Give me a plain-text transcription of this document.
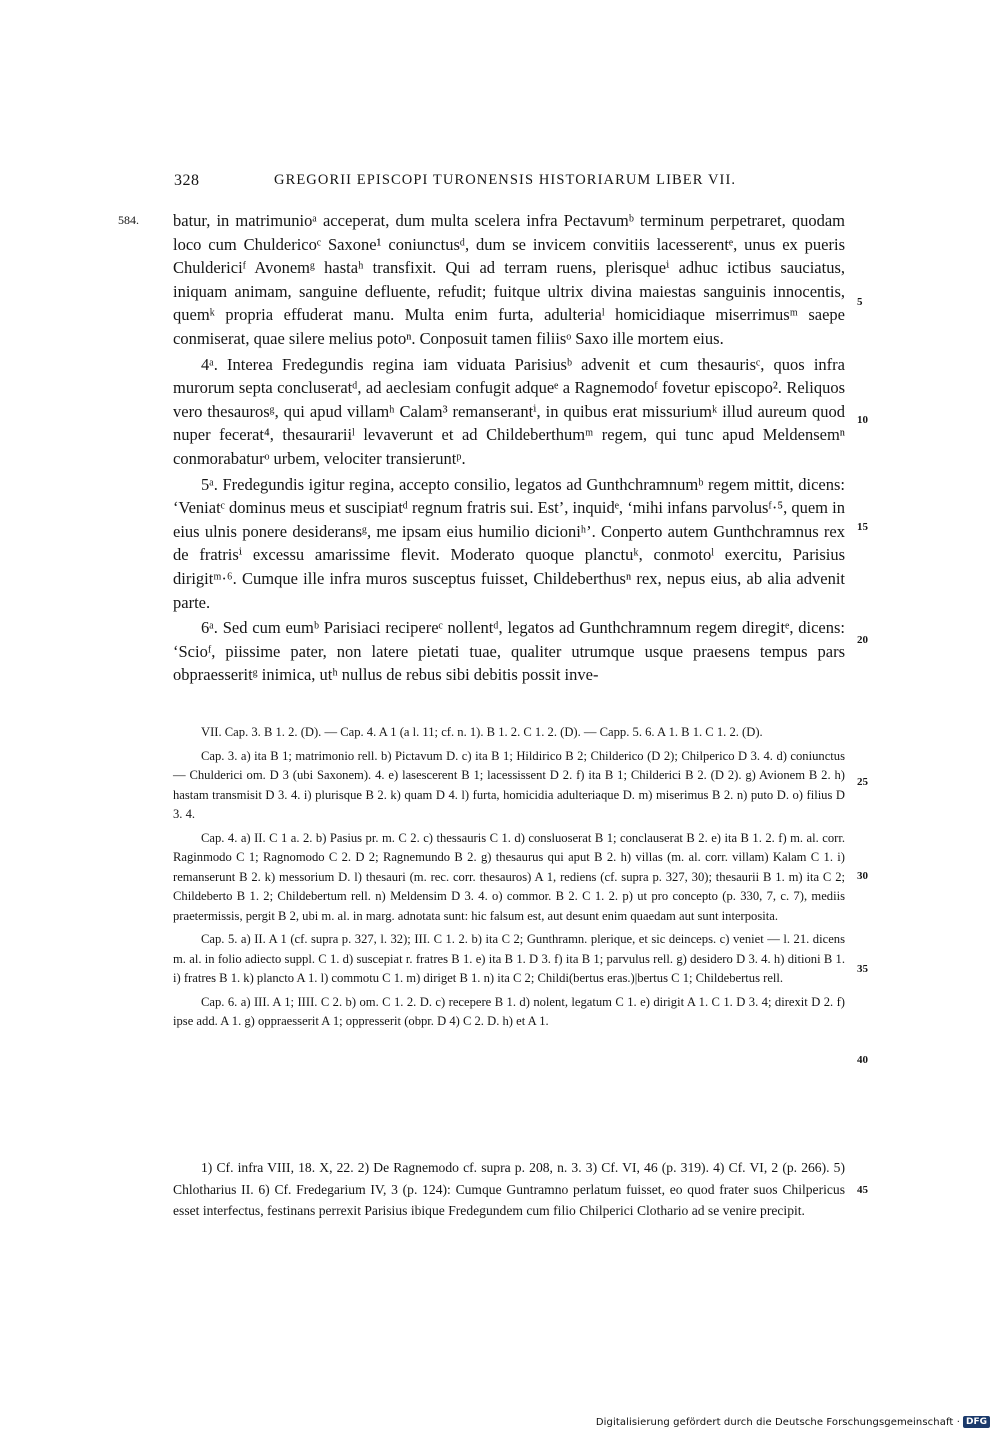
328	GREGORII EPISCOPI TURONENSIS HISTORIARUM LIBER VII.
584.
5
10
15
20
25
30
35
40
45

batur, in matrimunioᵃ acceperat, dum multa scelera infra Pectavumᵇ terminum perpetraret, quodam loco cum Chuldericoᶜ Saxone¹ coniunctusᵈ, dum se invicem convitiis lacesserentᵉ, unus ex pueris Chuldericiᶠ Avonemᵍ hastaʰ transfixit. Qui ad terram ruens, plerisqueⁱ adhuc ictibus sauciatus, iniquam animam, sanguine defluente, refudit; fuitque ultrix divina maiestas sanguinis innocentis, quemᵏ propria effuderat manu. Multa enim furta, adulteriaˡ homicidiaque miserrimusᵐ saepe conmiserat, quae silere melius potoⁿ. Conposuit tamen filiisᵒ Saxo ille mortem eius.

4ᵃ. Interea Fredegundis regina iam viduata Parisiusᵇ advenit et cum thesaurisᶜ, quos infra murorum septa concluseratᵈ, ad aeclesiam confugit adqueᵉ a Ragnemodoᶠ fovetur episcopo². Reliquos vero thesaurosᵍ, qui apud villamʰ Calam³ remanserantⁱ, in quibus erat missuriumᵏ illud aureum quod nuper fecerat⁴, thesaurariiˡ levaverunt et ad Childeberthumᵐ regem, qui tunc apud Meldensemⁿ conmorabaturᵒ urbem, velociter transieruntᵖ.

5ᵃ. Fredegundis igitur regina, accepto consilio, legatos ad Gunthchramnumᵇ regem mittit, dicens: ‘Veniatᶜ dominus meus et suscipiatᵈ regnum fratris sui. Est’, inquidᵉ, ‘mihi infans parvolusᶠ·⁵, quem in eius ulnis ponere desideransᵍ, me ipsam eius humilio dicioniʰ’. Conperto autem Gunthchramnus rex de fratrisⁱ excessu amarissime flevit. Moderato quoque planctuᵏ, conmotoˡ exercitu, Parisius dirigitᵐ·⁶. Cumque ille infra muros susceptus fuisset, Childeberthusⁿ rex, nepus eius, ab alia advenit parte.

6ᵃ. Sed cum eumᵇ Parisiaci recipereᶜ nollentᵈ, legatos ad Gunthchramnum regem diregitᵉ, dicens: ‘Scioᶠ, piissime pater, non latere pietati tuae, qualiter utrumque usque praesens tempus pars obpraesseritᵍ inimica, utʰ nullus de rebus sibi debitis possit inve-

VII. Cap. 3. B 1. 2. (D). — Cap. 4. A 1 (a l. 11; cf. n. 1). B 1. 2. C 1. 2. (D). — Capp. 5. 6. A 1. B 1. C 1. 2. (D).

Cap. 3. a) ita B 1; matrimonio rell. b) Pictavum D. c) ita B 1; Hildirico B 2; Childerico (D 2); Chilperico D 3. 4. d) coniunctus — Chulderici om. D 3 (ubi Saxonem). 4. e) lasescerent B 1; lacessissent D 2. f) ita B 1; Childerici B 2. (D 2). g) Avionem B 2. h) hastam transmisit D 3. 4. i) plurisque B 2. k) quam D 4. l) furta, homicidia adulteriaque D. m) miserimus B 2. n) puto D. o) filius D 3. 4.

Cap. 4. a) II. C 1 a. 2. b) Pasius pr. m. C 2. c) thessauris C 1. d) consluoserat B 1; conclauserat B 2. e) ita B 1. 2. f) m. al. corr. Raginmodo C 1; Ragnomodo C 2. D 2; Ragnemundo B 2. g) thesaurus qui aput B 2. h) villas (m. al. corr. villam) Kalam C 1. i) remanserunt B 2. k) messorium D. l) thesauri (m. rec. corr. thesauros) A 1, rediens (cf. supra p. 327, 30); thesaurii B 1. m) ita C 2; Childeberto B 1. 2; Childebertum rell. n) Meldensim D 3. 4. o) commor. B 2. C 1. 2. p) ut pro concepto (p. 330, 7, c. 7), mediis praetermissis, pergit B 2, ubi m. al. in marg. adnotata sunt: hic falsum est, aut desunt enim quaedam aut sunt interposita.

Cap. 5. a) II. A 1 (cf. supra p. 327, l. 32); III. C 1. 2. b) ita C 2; Gunthramn. plerique, et sic deinceps. c) veniet — l. 21. dicens m. al. in folio adiecto suppl. C 1. d) suscepiat r. fratres B 1. e) ita B 1. D 3. f) ita B 1; parvulus rell. g) desidero D 3. 4. h) ditioni B 1. i) fratres B 1. k) plancto A 1. l) commotu C 1. m) diriget B 1. n) ita C 2; Childi(bertus eras.)|bertus C 1; Childebertus rell.

Cap. 6. a) III. A 1; IIII. C 2. b) om. C 1. 2. D. c) recepere B 1. d) nolent, legatum C 1. e) dirigit A 1. C 1. D 3. 4; direxit D 2. f) ipse add. A 1. g) oppraesserit A 1; oppresserit (obpr. D 4) C 2. D. h) et A 1.

1) Cf. infra VIII, 18. X, 22. 2) De Ragnemodo cf. supra p. 208, n. 3. 3) Cf. VI, 46 (p. 319). 4) Cf. VI, 2 (p. 266). 5) Chlotharius II. 6) Cf. Fredegarium IV, 3 (p. 124): Cumque Guntramno perlatum fuisset, eo quod frater suos Chilpericus esset interfectus, festinans perrexit Parisius ibique Fredegundem cum filio Chilperici Clothario ad se venire precipit.

Digitalisierung gefördert durch die Deutsche Forschungsgemeinschaft · DFG
